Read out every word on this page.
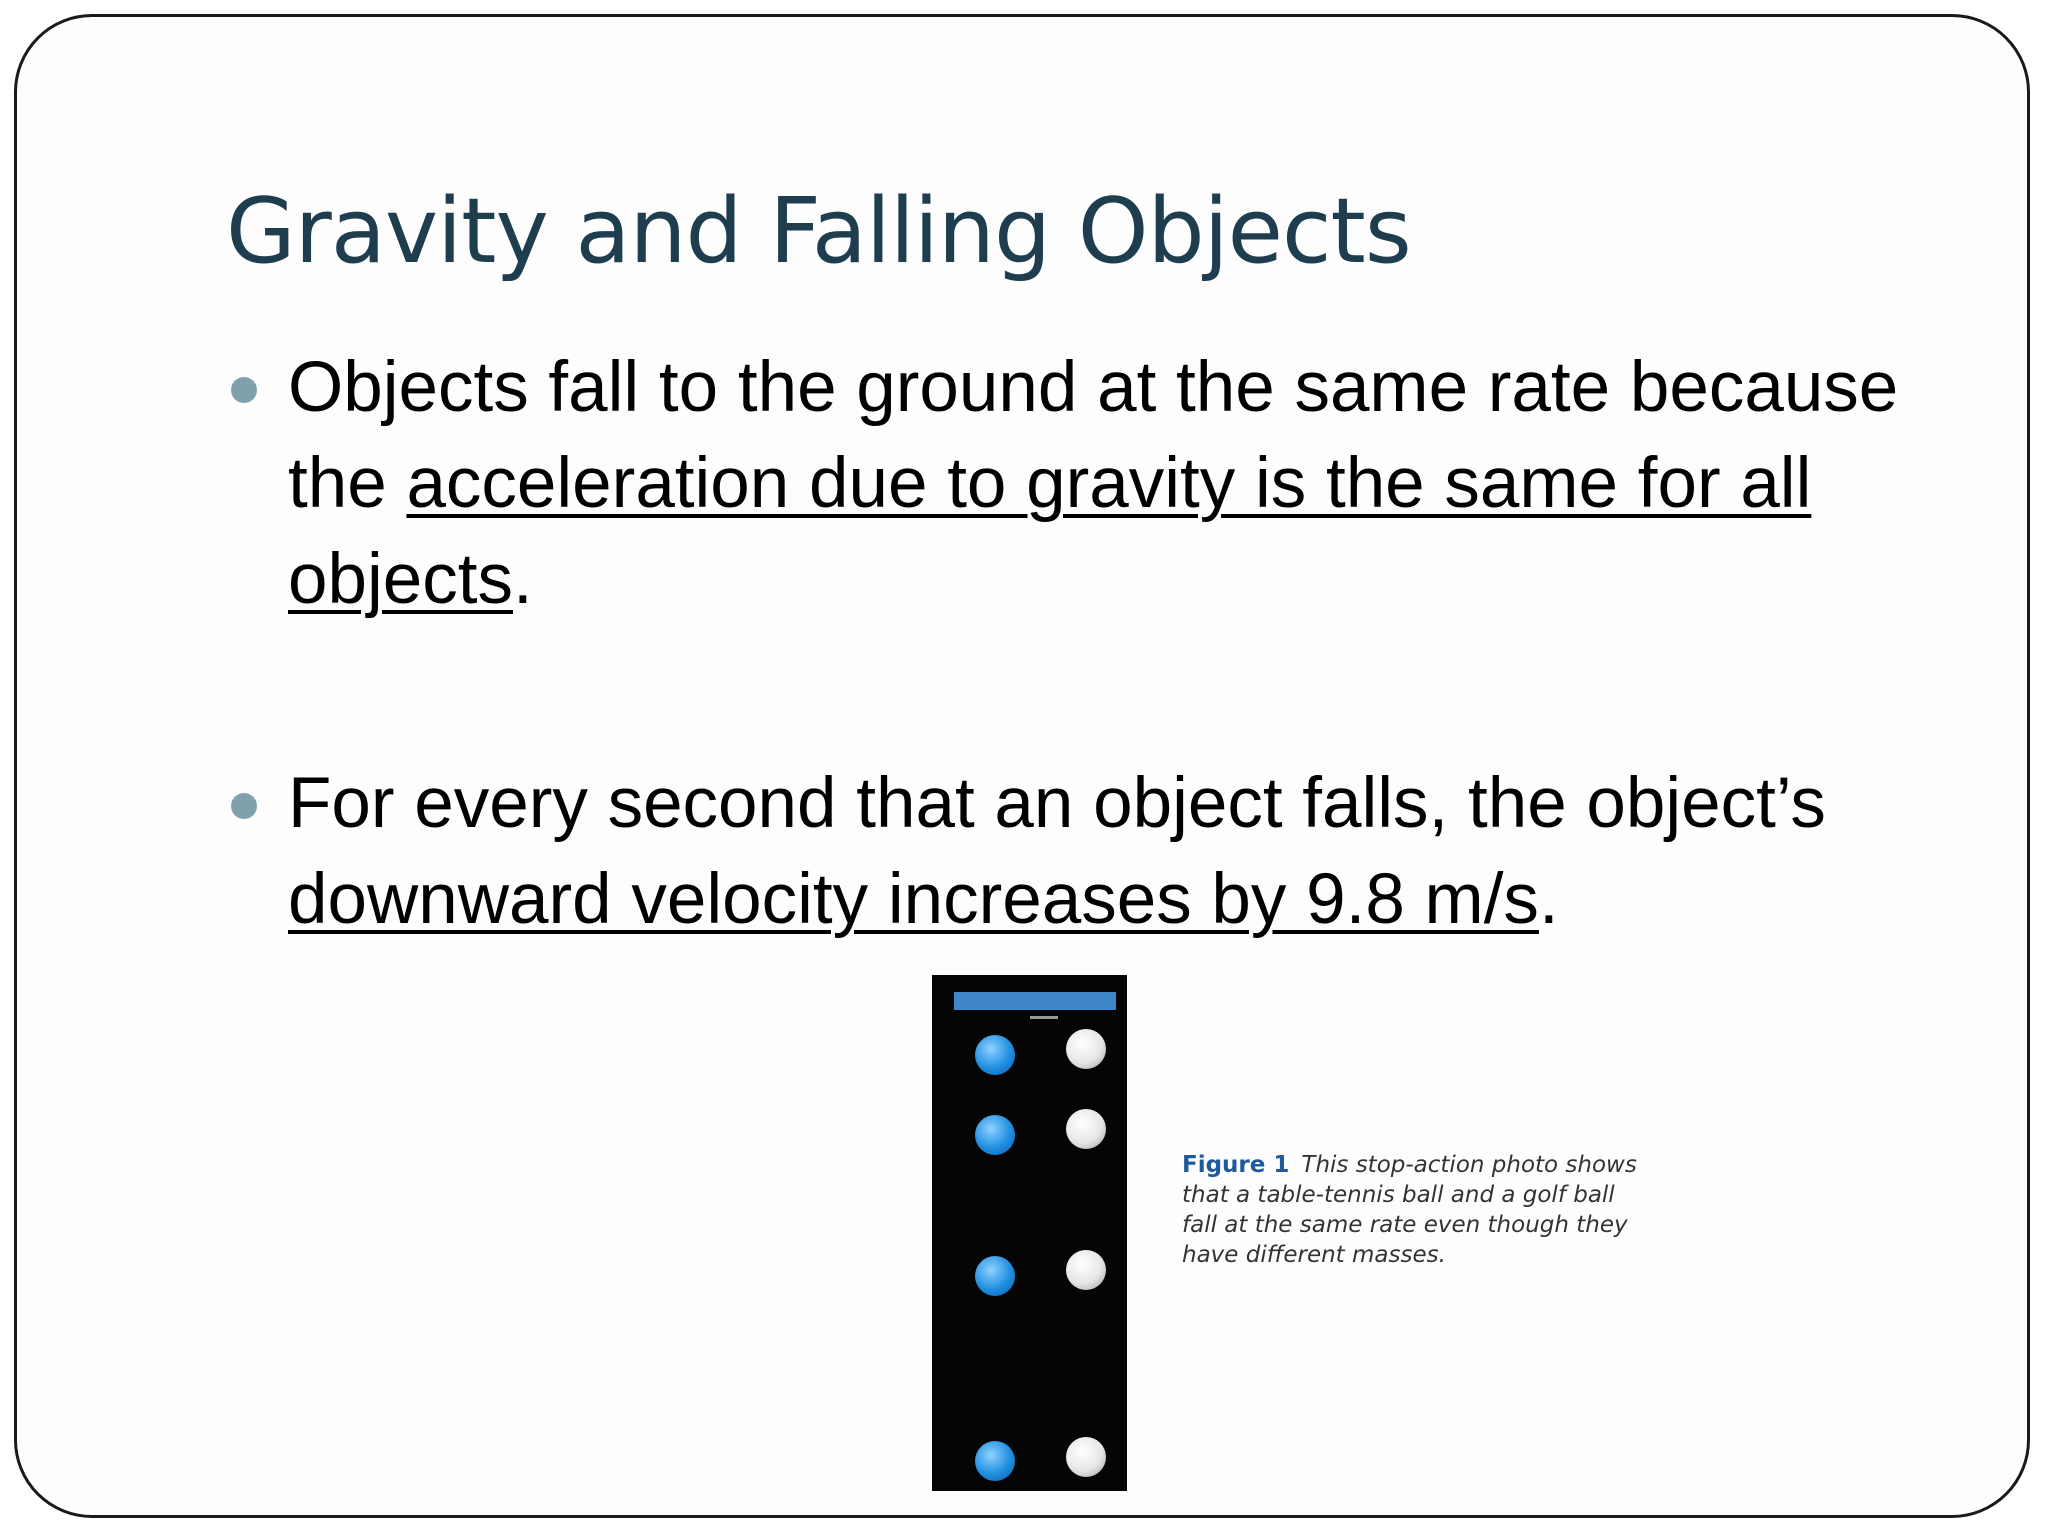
Gravity and Falling Objects
Objects fall to the ground at the same rate because the acceleration due to gravity is the same for all objects.
For every second that an object falls, the object’s downward velocity increases by 9.8 m/s.
Figure 1 This stop-action photo shows that a table-tennis ball and a golf ball fall at the same rate even though they have different masses.
